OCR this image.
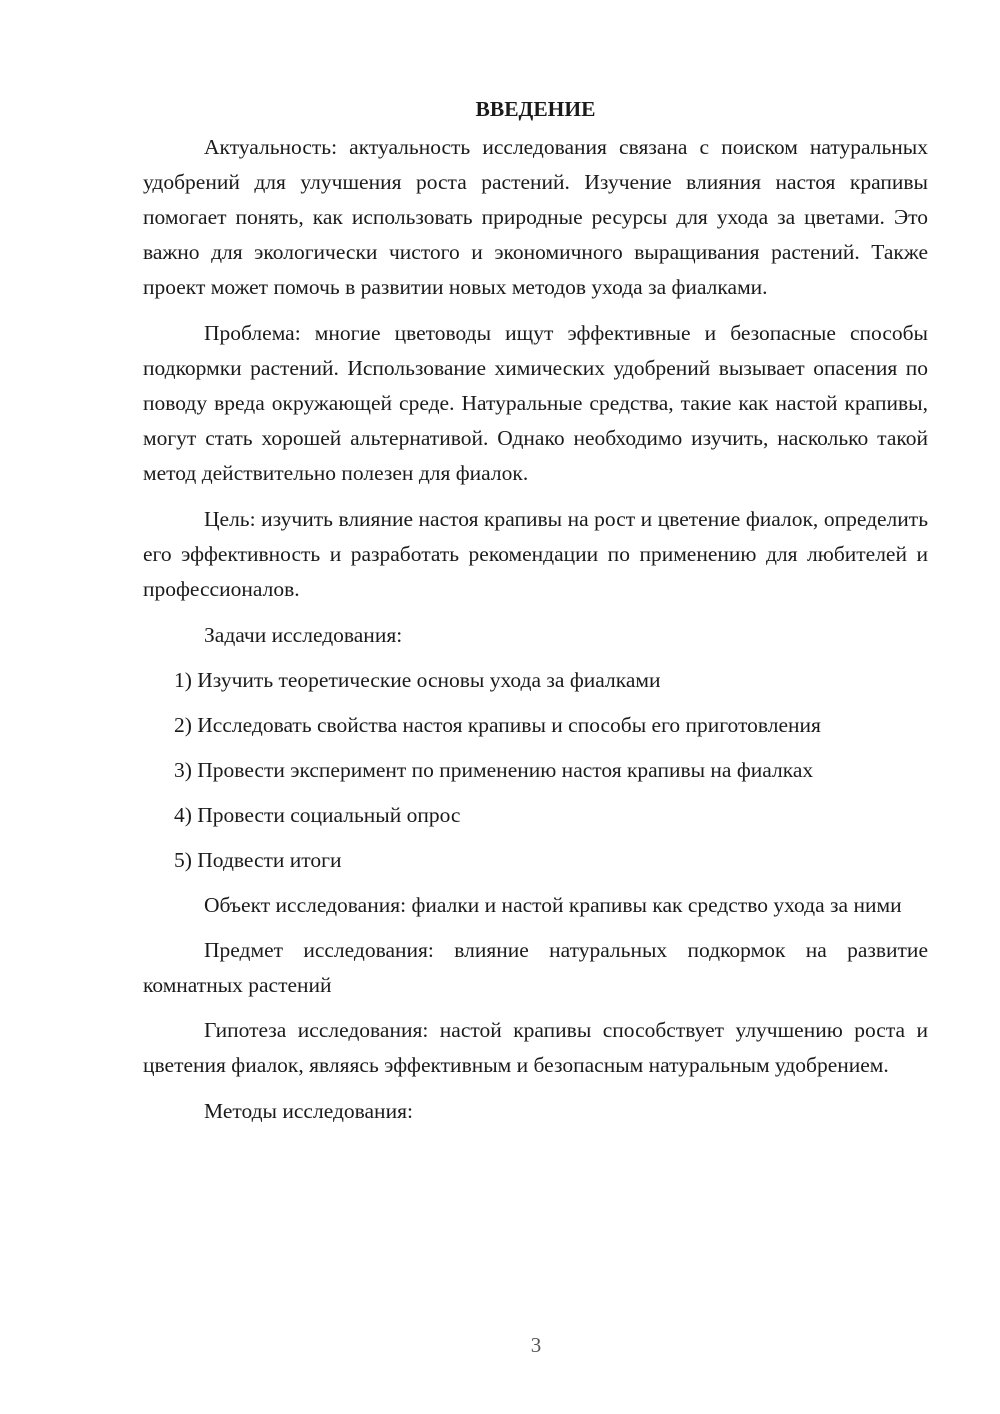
ВВЕДЕНИЕ

Актуальность: актуальность исследования связана с поиском натуральных удобрений для улучшения роста растений. Изучение влияния настоя крапивы помогает понять, как использовать природные ресурсы для ухода за цветами. Это важно для экологически чистого и экономичного выращивания растений. Также проект может помочь в развитии новых методов ухода за фиалками.

Проблема: многие цветоводы ищут эффективные и безопасные способы подкормки растений. Использование химических удобрений вызывает опасения по поводу вреда окружающей среде. Натуральные средства, такие как настой крапивы, могут стать хорошей альтернативой. Однако необходимо изучить, насколько такой метод действительно полезен для фиалок.

Цель: изучить влияние настоя крапивы на рост и цветение фиалок, определить его эффективность и разработать рекомендации по применению для любителей и профессионалов.

Задачи исследования:

1) Изучить теоретические основы ухода за фиалками

2) Исследовать свойства настоя крапивы и способы его приготовления

3) Провести эксперимент по применению настоя крапивы на фиалках

4) Провести социальный опрос

5) Подвести итоги

Объект исследования: фиалки и настой крапивы как средство ухода за ними

Предмет исследования: влияние натуральных подкормок на развитие комнатных растений

Гипотеза исследования: настой крапивы способствует улучшению роста и цветения фиалок, являясь эффективным и безопасным натуральным удобрением.

Методы исследования:

3
